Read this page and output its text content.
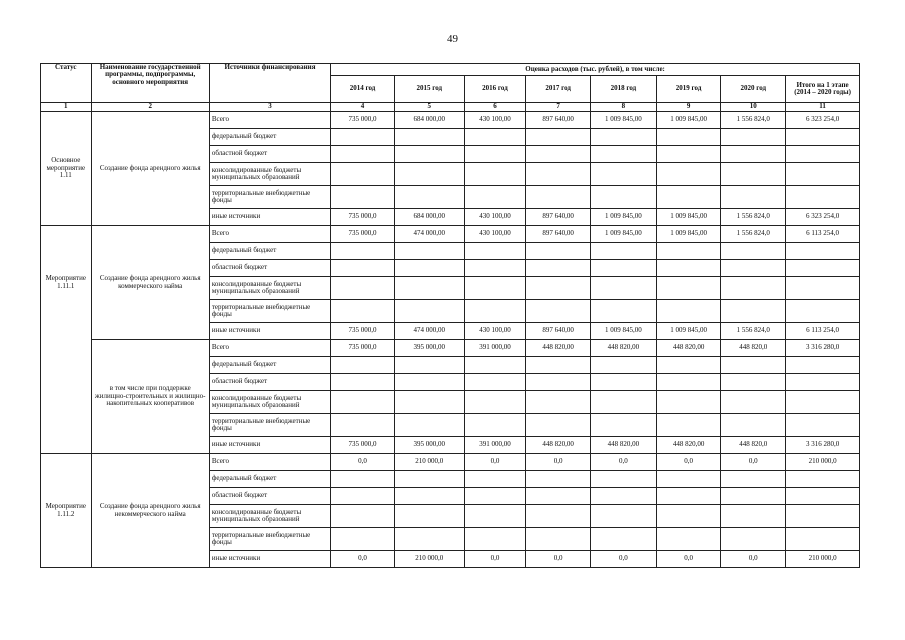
49
Статус	Наименование государственной программы, подпрограммы, основного мероприятия	Источники финансирования	Оценка расходов (тыс. рублей), в том числе:							
			2014 год	2015 год	2016 год	2017 год	2018 год	2019 год	2020 год	Итого на 1 этапе (2014 – 2020 годы)
1	2	3	4	5	6	7	8	9	10	11
Основное мероприятие 1.11	Создание фонда арендного жилья	Всего	735 000,0	684 000,00	430 100,00	897 640,00	1 009 845,00	1 009 845,00	1 556 824,0	6 323 254,0
		федеральный бюджет								
		областной бюджет								
		консолидированные бюджеты муниципальных образований								
		территориальные внебюджетные фонды								
		иные источники	735 000,0	684 000,00	430 100,00	897 640,00	1 009 845,00	1 009 845,00	1 556 824,0	6 323 254,0
Мероприятие 1.11.1	Создание фонда арендного жилья коммерческого найма	Всего	735 000,0	474 000,00	430 100,00	897 640,00	1 009 845,00	1 009 845,00	1 556 824,0	6 113 254,0
		федеральный бюджет								
		областной бюджет								
		консолидированные бюджеты муниципальных образований								
		территориальные внебюджетные фонды								
		иные источники	735 000,0	474 000,00	430 100,00	897 640,00	1 009 845,00	1 009 845,00	1 556 824,0	6 113 254,0
	в том числе при поддержке жилищно-строительных и жилищно-накопительных кооперативов	Всего	735 000,0	395 000,00	391 000,00	448 820,00	448 820,00	448 820,00	448 820,0	3 316 280,0
		федеральный бюджет								
		областной бюджет								
		консолидированные бюджеты муниципальных образований								
		территориальные внебюджетные фонды								
		иные источники	735 000,0	395 000,00	391 000,00	448 820,00	448 820,00	448 820,00	448 820,0	3 316 280,0
Мероприятие 1.11.2	Создание фонда арендного жилья некоммерческого найма	Всего	0,0	210 000,0	0,0	0,0	0,0	0,0	0,0	210 000,0
		федеральный бюджет								
		областной бюджет								
		консолидированные бюджеты муниципальных образований								
		территориальные внебюджетные фонды								
		иные источники	0,0	210 000,0	0,0	0,0	0,0	0,0	0,0	210 000,0
